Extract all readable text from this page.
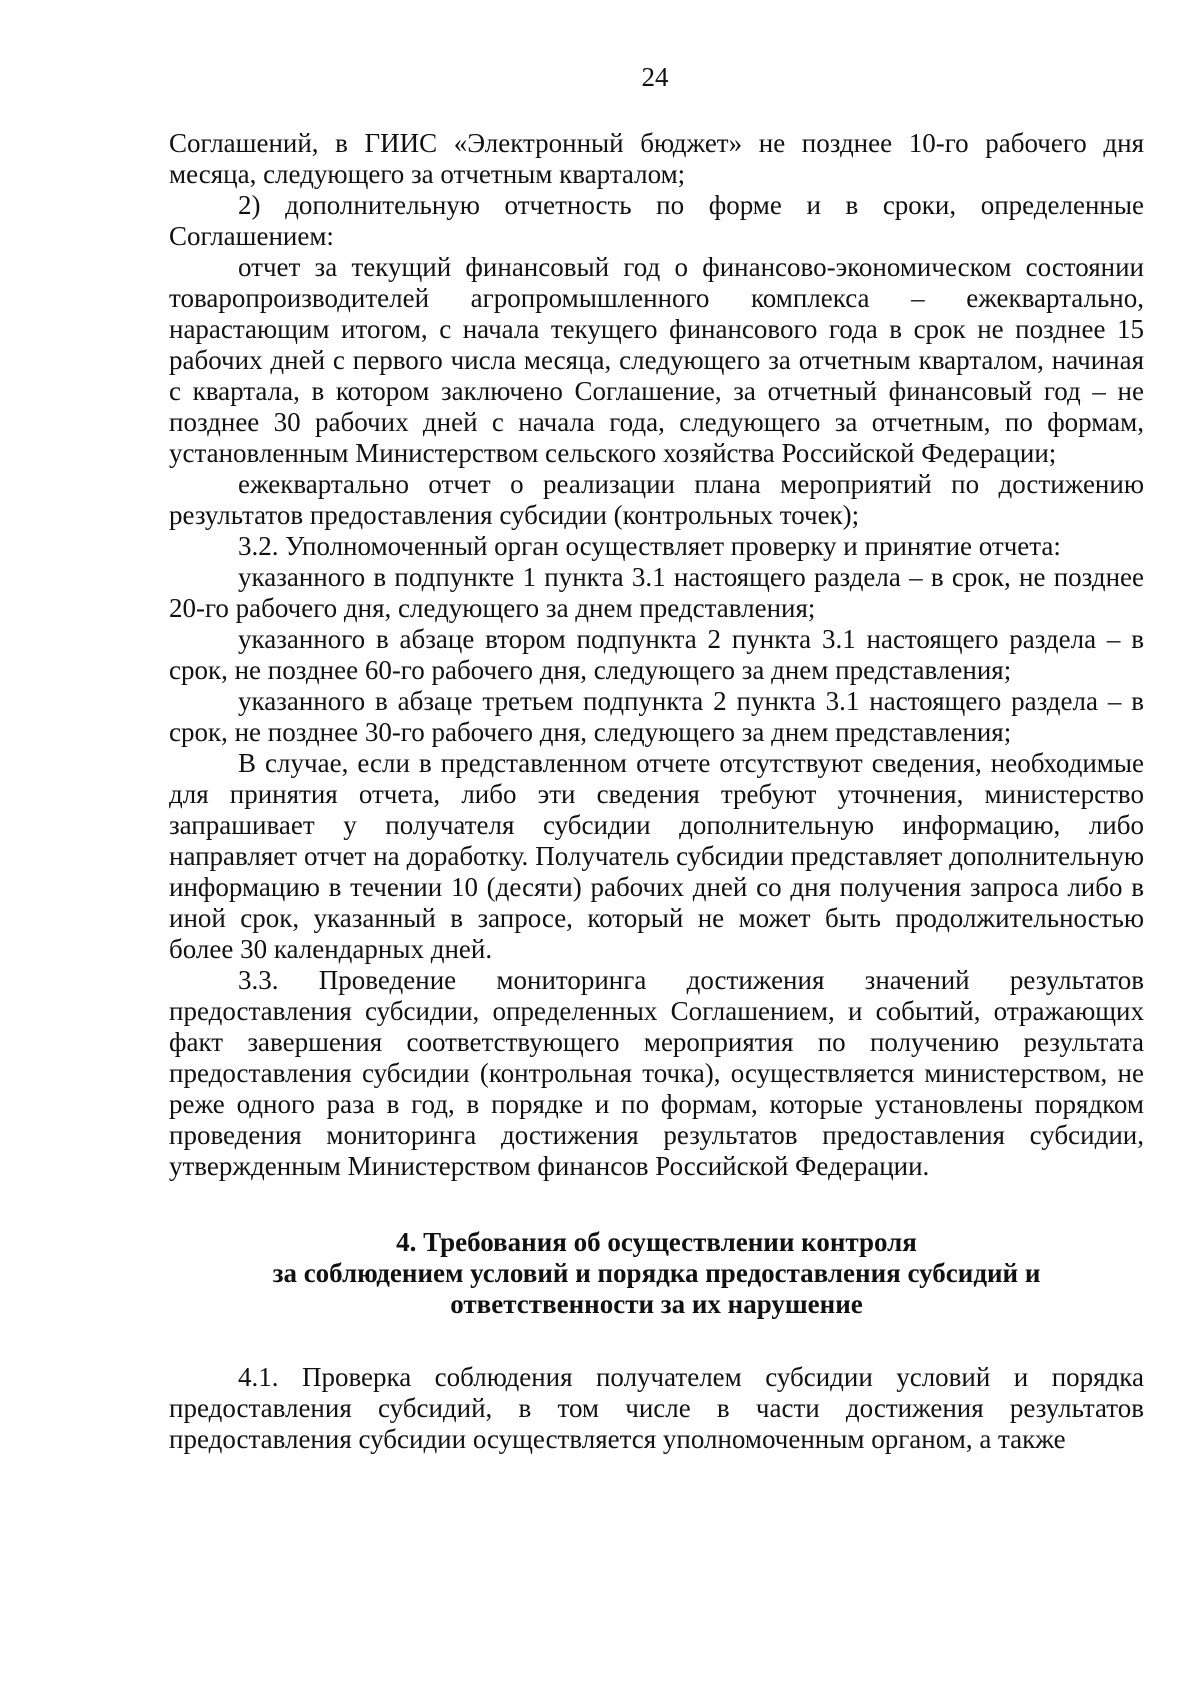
24

Соглашений, в ГИИС «Электронный бюджет» не позднее 10-го рабочего дня месяца, следующего за отчетным кварталом;

2) дополнительную отчетность по форме и в сроки, определенные Соглашением:

отчет за текущий финансовый год о финансово-экономическом состоянии товаропроизводителей агропромышленного комплекса – ежеквартально, нарастающим итогом, с начала текущего финансового года в срок не позднее 15 рабочих дней с первого числа месяца, следующего за отчетным кварталом, начиная с квартала, в котором заключено Соглашение, за отчетный финансовый год – не позднее 30 рабочих дней с начала года, следующего за отчетным, по формам, установленным Министерством сельского хозяйства Российской Федерации;

ежеквартально отчет о реализации плана мероприятий по достижению результатов предоставления субсидии (контрольных точек);

3.2. Уполномоченный орган осуществляет проверку и принятие отчета:

указанного в подпункте 1 пункта 3.1 настоящего раздела – в срок, не позднее 20-го рабочего дня, следующего за днем представления;

указанного в абзаце втором подпункта 2 пункта 3.1 настоящего раздела – в срок, не позднее 60-го рабочего дня, следующего за днем представления;

указанного в абзаце третьем подпункта 2 пункта 3.1 настоящего раздела – в срок, не позднее 30-го рабочего дня, следующего за днем представления;

В случае, если в представленном отчете отсутствуют сведения, необходимые для принятия отчета, либо эти сведения требуют уточнения, министерство запрашивает у получателя субсидии дополнительную информацию, либо направляет отчет на доработку. Получатель субсидии представляет дополнительную информацию в течении 10 (десяти) рабочих дней со дня получения запроса либо в иной срок, указанный в запросе, который не может быть продолжительностью более 30 календарных дней.

3.3. Проведение мониторинга достижения значений результатов предоставления субсидии, определенных Соглашением, и событий, отражающих факт завершения соответствующего мероприятия по получению результата предоставления субсидии (контрольная точка), осуществляется министерством, не реже одного раза в год, в порядке и по формам, которые установлены порядком проведения мониторинга достижения результатов предоставления субсидии, утвержденным Министерством финансов Российской Федерации.

4. Требования об осуществлении контроля
за соблюдением условий и порядка предоставления субсидий и
ответственности за их нарушение

4.1. Проверка соблюдения получателем субсидии условий и порядка предоставления субсидий, в том числе в части достижения результатов предоставления субсидии осуществляется уполномоченным органом, а также
